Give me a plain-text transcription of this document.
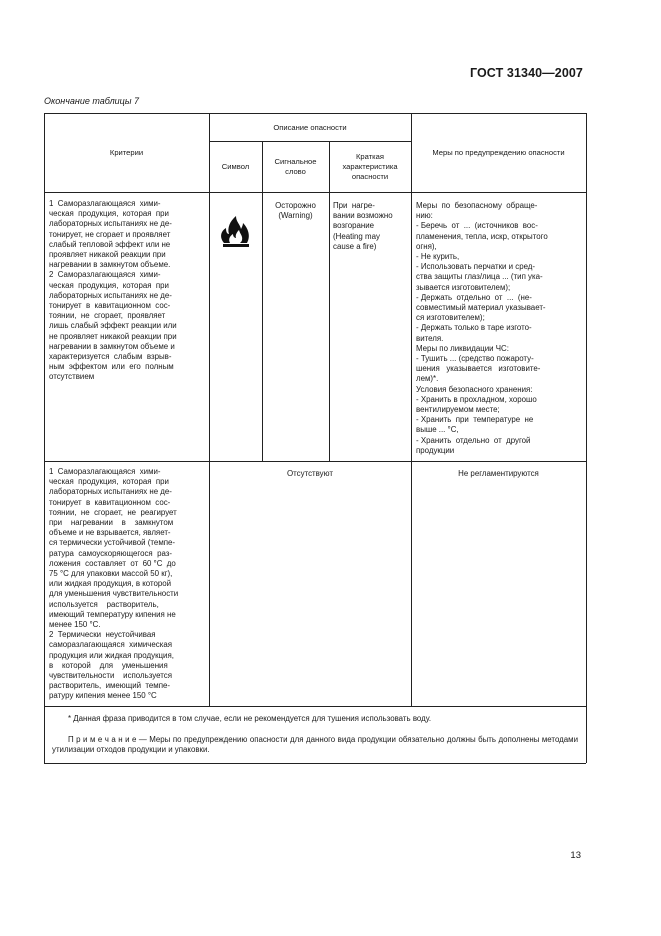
ГОСТ 31340—2007
Окончание таблицы 7
Критерии
Описание опасности
Символ
Сигнальное
слово
Краткая
характеристика
опасности
Меры по предупреждению опасности
1  Саморазлагающаяся  хими-
ческая  продукция,  которая  при
лабораторных испытаниях не де-
тонирует, не сгорает и проявляет
слабый тепловой эффект или не
проявляет никакой реакции при
нагревании в замкнутом объеме.
2  Саморазлагающаяся  хими-
ческая  продукция,  которая  при
лабораторных испытаниях не де-
тонирует  в  кавитационном  сос-
тоянии,  не  сгорает,  проявляет
лишь слабый эффект реакции или
не проявляет никакой реакции при
нагревании в замкнутом объеме и
характеризуется  слабым  взрыв-
ным  эффектом  или  его  полным
отсутствием
Осторожно
(Warning)
При  нагре-
вании возможно
возгорание
(Heating may
cause a fire)
Меры  по  безопасному  обраще-
нию:
- Беречь  от  ...  (источников  вос-
пламенения, тепла, искр, открытого
огня),
- Не курить,
- Использовать перчатки и сред-
ства защиты глаз/лица ... (тип ука-
зывается изготовителем);
- Держать  отдельно  от  ...  (не-
совместимый материал указывает-
ся изготовителем);
- Держать только в таре изгото-
вителя.
Меры по ликвидации ЧС:
- Тушить ... (средство пожароту-
шения   указывается   изготовите-
лем)*.
Условия безопасного хранения:
- Хранить в прохладном, хорошо
вентилируемом месте;
- Хранить  при  температуре  не
выше ... °С,
- Хранить  отдельно  от  другой
продукции
1  Саморазлагающаяся  хими-
ческая  продукция,  которая  при
лабораторных испытаниях не де-
тонирует  в  кавитационном  сос-
тоянии,  не  сгорает,  не  реагирует
при    нагревании    в    замкнутом
объеме и не взрывается, являет-
ся термически устойчивой (темпе-
ратура  самоускоряющегося  раз-
ложения  составляет  от  60 °С  до
75 °С для упаковки массой 50 кг),
или жидкая продукция, в которой
для уменьшения чувствительности
используется    растворитель,
имеющий температуру кипения не
менее 150 °С.
2  Термически  неустойчивая
саморазлагающаяся  химическая
продукция или жидкая продукция,
в    которой    для    уменьшения
чувствительности    используется
растворитель,  имеющий  темпе-
ратуру кипения менее 150 °С
Отсутствуют	Не регламентируются
* Данная фраза приводится в том случае, если не рекомендуется для тушения использовать воду.
П р и м е ч а н и е — Меры по предупреждению опасности для данного вида продукции обязательно должны быть дополнены методами утилизации отходов продукции и упаковки.
13
